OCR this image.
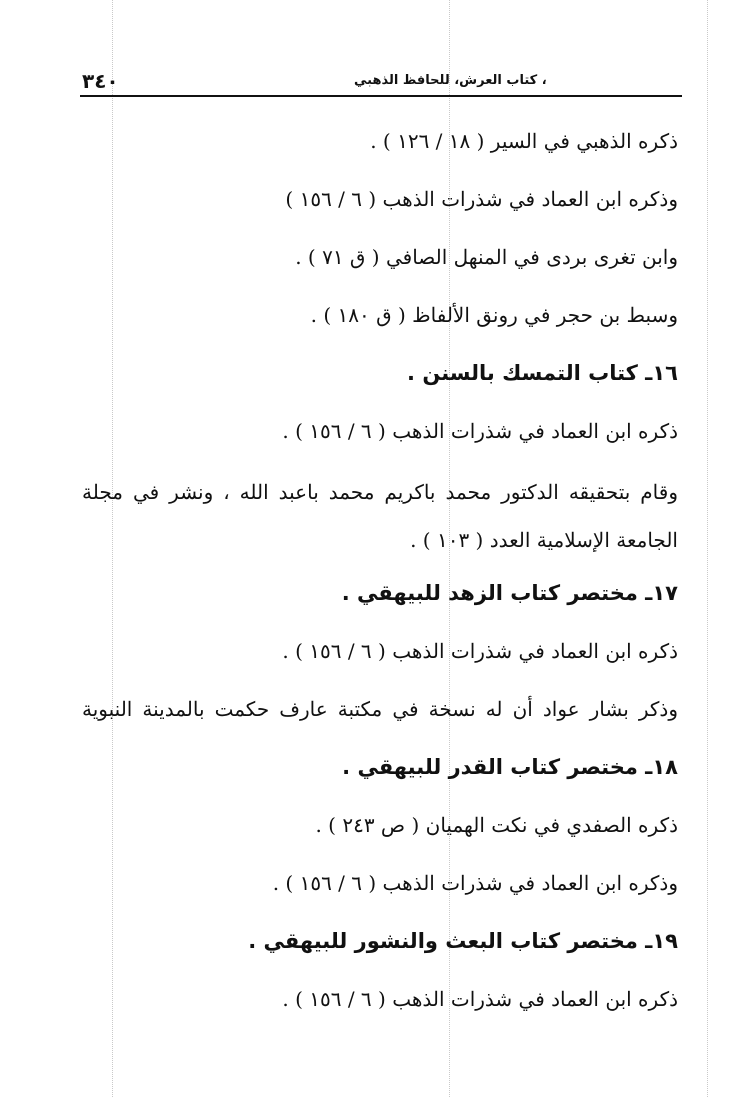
٣٤٠	، كتاب العرش، للحافظ الذهبي
ذكره الذهبي في السير ( ١٨ / ١٢٦ ) .
وذكره ابن العماد في شذرات الذهب ( ٦ / ١٥٦ )
وابن تغرى بردى في المنهل الصافي ( ق ٧١ ) .
وسبط بن حجر في رونق الألفاظ ( ق ١٨٠ ) .
١٦ـ كتاب التمسك بالسنن .
ذكره ابن العماد في شذرات الذهب ( ٦ / ١٥٦ ) .
وقام بتحقيقه الدكتور محمد باكريم محمد باعبد الله ، ونشر في مجلة
الجامعة الإسلامية العدد ( ١٠٣ ) .
١٧ـ مختصر كتاب الزهد للبيهقي .
ذكره ابن العماد في شذرات الذهب ( ٦ / ١٥٦ ) .
وذكر بشار عواد أن له نسخة في مكتبة عارف حكمت بالمدينة النبوية
١٨ـ مختصر كتاب القدر للبيهقي .
ذكره الصفدي في نكت الهميان ( ص ٢٤٣ ) .
وذكره ابن العماد في شذرات الذهب ( ٦ / ١٥٦ ) .
١٩ـ مختصر كتاب البعث والنشور للبيهقي .
ذكره ابن العماد في شذرات الذهب ( ٦ / ١٥٦ ) .
